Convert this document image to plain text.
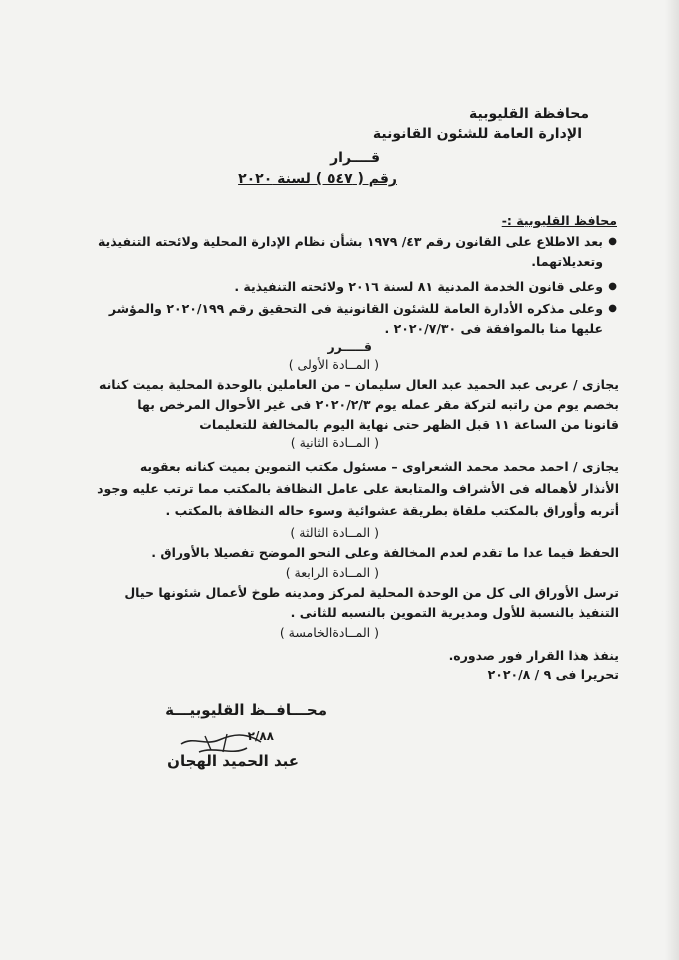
محافظة القليوبية
الإدارة العامة للشئون القانونية
قــــرار
رقم ( ٥٤٧ ) لسنة ٢٠٢٠
محافظ القليوبية :-
●
بعد الاطلاع على القانون رقم ٤٣/ ١٩٧٩ بشأن نظام الإدارة المحلية ولائحته التنفيذية
وتعديلاتهما.
●
وعلى قانون الخدمة المدنية ٨١ لسنة ٢٠١٦ ولائحته التنفيذية .
●
وعلى مذكره الأدارة العامة للشئون القانونية فى التحقيق رقم ٢٠٢٠/١٩٩ والمؤشر
عليها منا بالموافقة فى ٢٠٢٠/٧/٣٠ .
قـــــرر
( المــادة الأولى )
يجازى / عربى عبد الحميد عبد العال سليمان – من العاملين بالوحدة المحلية بميت كنانه
بخصم يوم من راتبه لتركة مقر عمله يوم ٢٠٢٠/٢/٣ فى غير الأحوال المرخص بها
قانونا من الساعة ١١ قبل الظهر حتى نهاية اليوم بالمخالفة للتعليمات
( المــادة الثانية )
يجازى / احمد محمد محمد الشعراوى – مسئول مكتب التموين بميت كنانه بعقوبه
الأنذار لأهماله فى الأشراف والمتابعة على عامل النظافة بالمكتب مما ترتب عليه وجود
أتربه وأوراق بالمكتب ملقاة بطريقة عشوائية وسوء حاله النظافة بالمكتب .
( المــادة الثالثة )
الحفظ فيما عدا ما تقدم لعدم المخالفة وعلى النحو الموضح تفصيلا بالأوراق .
( المــادة الرابعة )
ترسل الأوراق الى كل من الوحدة المحلية لمركز ومدينه طوخ لأعمال شئونها حيال
التنفيذ بالنسبة للأول ومديرية التموين بالنسبه للثانى .
( المــادةالخامسة )
ينفذ هذا القرار فور صدوره.
تحريرا فى ٩ / ٢٠٢٠/٨
محـــافــظ القليوبيـــة
٢/٨٨
عبد الحميد الهجان
